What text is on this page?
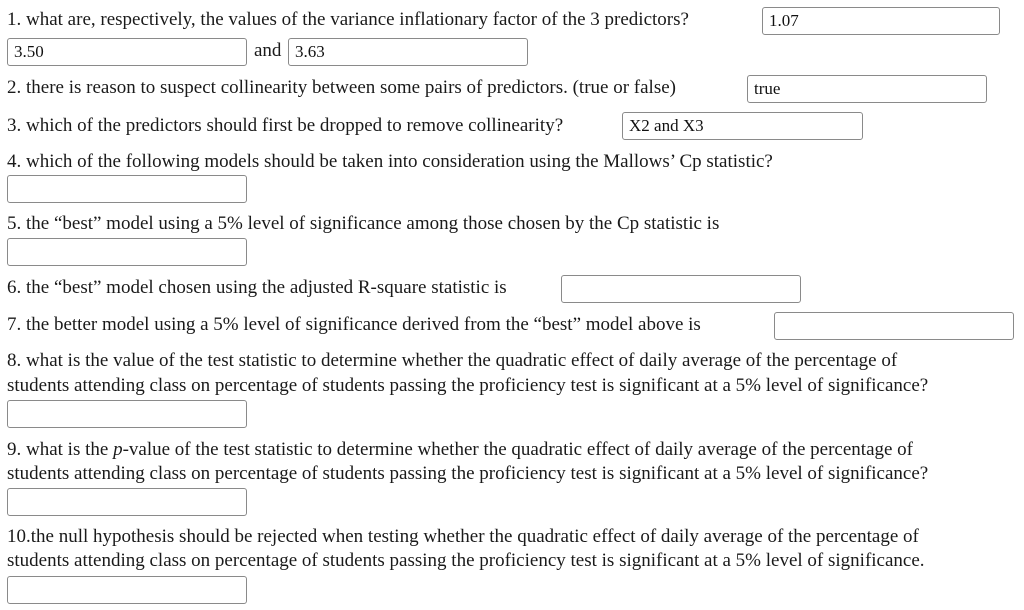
1. what are, respectively, the values of the variance inflationary factor of the 3 predictors?
1.07
3.50
and
3.63
2. there is reason to suspect collinearity between some pairs of predictors. (true or false)
true
3. which of the predictors should first be dropped to remove collinearity?
X2 and X3
4. which of the following models should be taken into consideration using the Mallows’ Cp statistic?
5. the “best” model using a 5% level of significance among those chosen by the Cp statistic is
6. the “best” model chosen using the adjusted R-square statistic is
7. the better model using a 5% level of significance derived from the “best” model above is
8. what is the value of the test statistic to determine whether the quadratic effect of daily average of the percentage of
students attending class on percentage of students passing the proficiency test is significant at a 5% level of significance?
9. what is the p-value of the test statistic to determine whether the quadratic effect of daily average of the percentage of
students attending class on percentage of students passing the proficiency test is significant at a 5% level of significance?
10.the null hypothesis should be rejected when testing whether the quadratic effect of daily average of the percentage of
students attending class on percentage of students passing the proficiency test is significant at a 5% level of significance.
